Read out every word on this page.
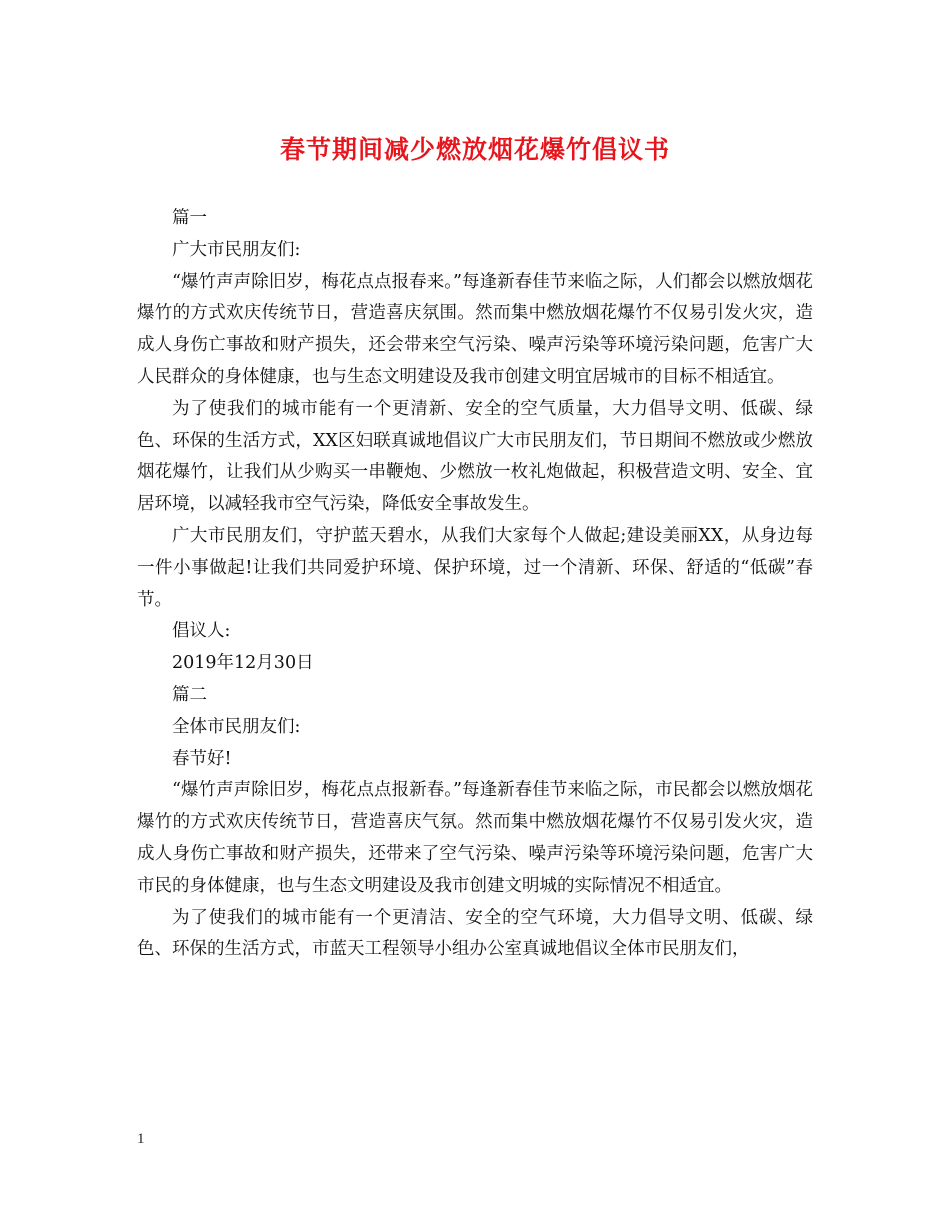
春节期间减少燃放烟花爆竹倡议书

篇一

广大市民朋友们:

“爆竹声声除旧岁，梅花点点报春来。”每逢新春佳节来临之际，人们都会以燃放烟花爆竹的方式欢庆传统节日，营造喜庆氛围。然而集中燃放烟花爆竹不仅易引发火灾，造成人身伤亡事故和财产损失，还会带来空气污染、噪声污染等环境污染问题，危害广大人民群众的身体健康，也与生态文明建设及我市创建文明宜居城市的目标不相适宜。

为了使我们的城市能有一个更清新、安全的空气质量，大力倡导文明、低碳、绿色、环保的生活方式，XX区妇联真诚地倡议广大市民朋友们，节日期间不燃放或少燃放烟花爆竹，让我们从少购买一串鞭炮、少燃放一枚礼炮做起，积极营造文明、安全、宜居环境，以减轻我市空气污染，降低安全事故发生。

广大市民朋友们，守护蓝天碧水，从我们大家每个人做起;建设美丽XX，从身边每一件小事做起!让我们共同爱护环境、保护环境，过一个清新、环保、舒适的“低碳”春节。

倡议人:

2019年12月30日

篇二

全体市民朋友们:

春节好!

“爆竹声声除旧岁，梅花点点报新春。”每逢新春佳节来临之际，市民都会以燃放烟花爆竹的方式欢庆传统节日，营造喜庆气氛。然而集中燃放烟花爆竹不仅易引发火灾，造成人身伤亡事故和财产损失，还带来了空气污染、噪声污染等环境污染问题，危害广大市民的身体健康，也与生态文明建设及我市创建文明城的实际情况不相适宜。

为了使我们的城市能有一个更清洁、安全的空气环境，大力倡导文明、低碳、绿色、环保的生活方式，市蓝天工程领导小组办公室真诚地倡议全体市民朋友们，

1
